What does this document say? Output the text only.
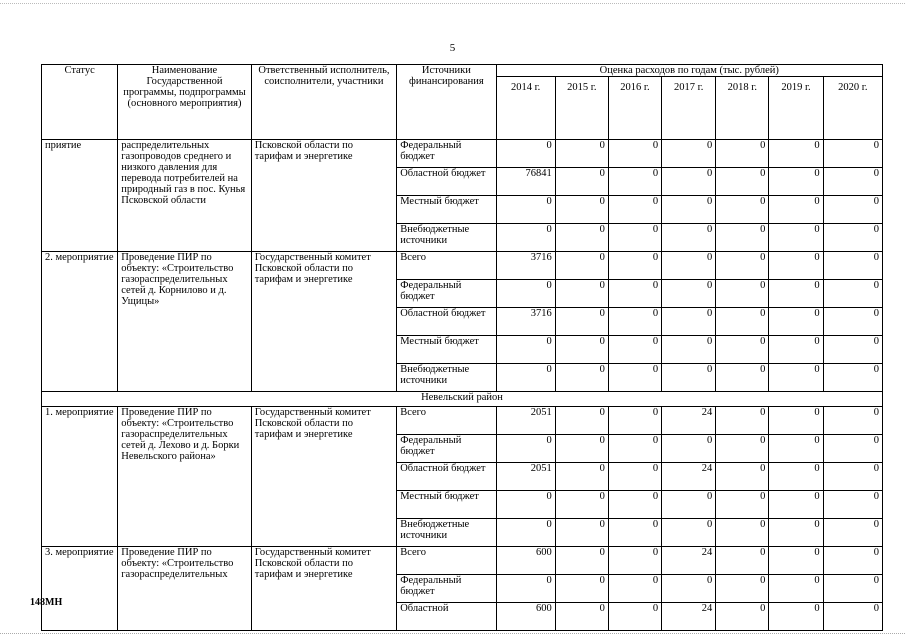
5
Статус	Наименование Государственной программы, подпрограммы (основного мероприятия)	Ответственный исполнитель, соисполнители, участники	Источники финансирования	Оценка расходов по годам (тыс. рублей)						
				2014 г.	2015 г.	2016 г.	2017 г.	2018 г.	2019 г.	2020 г.
приятие	распределительных газопроводов среднего и низкого давления для перевода потребителей на природный газ в пос. Кунья Псковской области	Псковской области по тарифам и энергетике	Федеральный бюджет	0	0	0	0	0	0	0
			Областной бюджет	76841	0	0	0	0	0	0
			Местный бюджет	0	0	0	0	0	0	0
			Внебюджетные источники	0	0	0	0	0	0	0
2. мероприятие	Проведение ПИР по объекту: «Строительство газораспределительных сетей д. Корнилово и д. Ущицы»	Государственный комитет Псковской области по тарифам и энергетике	Всего	3716	0	0	0	0	0	0
			Федеральный бюджет	0	0	0	0	0	0	0
			Областной бюджет	3716	0	0	0	0	0	0
			Местный бюджет	0	0	0	0	0	0	0
			Внебюджетные источники	0	0	0	0	0	0	0
Невельский район										
1. мероприятие	Проведение ПИР по объекту: «Строительство газораспределительных сетей д. Лехово и д. Борки Невельского района»	Государственный комитет Псковской области по тарифам и энергетике	Всего	2051	0	0	24	0	0	0
			Федеральный бюджет	0	0	0	0	0	0	0
			Областной бюджет	2051	0	0	24	0	0	0
			Местный бюджет	0	0	0	0	0	0	0
			Внебюджетные источники	0	0	0	0	0	0	0
3. мероприятие	Проведение ПИР по объекту: «Строительство газораспределительных	Государственный комитет Псковской области по тарифам и энергетике	Всего	600	0	0	24	0	0	0
			Федеральный бюджет	0	0	0	0	0	0	0
			Областной	600	0	0	24	0	0	0
148МН
